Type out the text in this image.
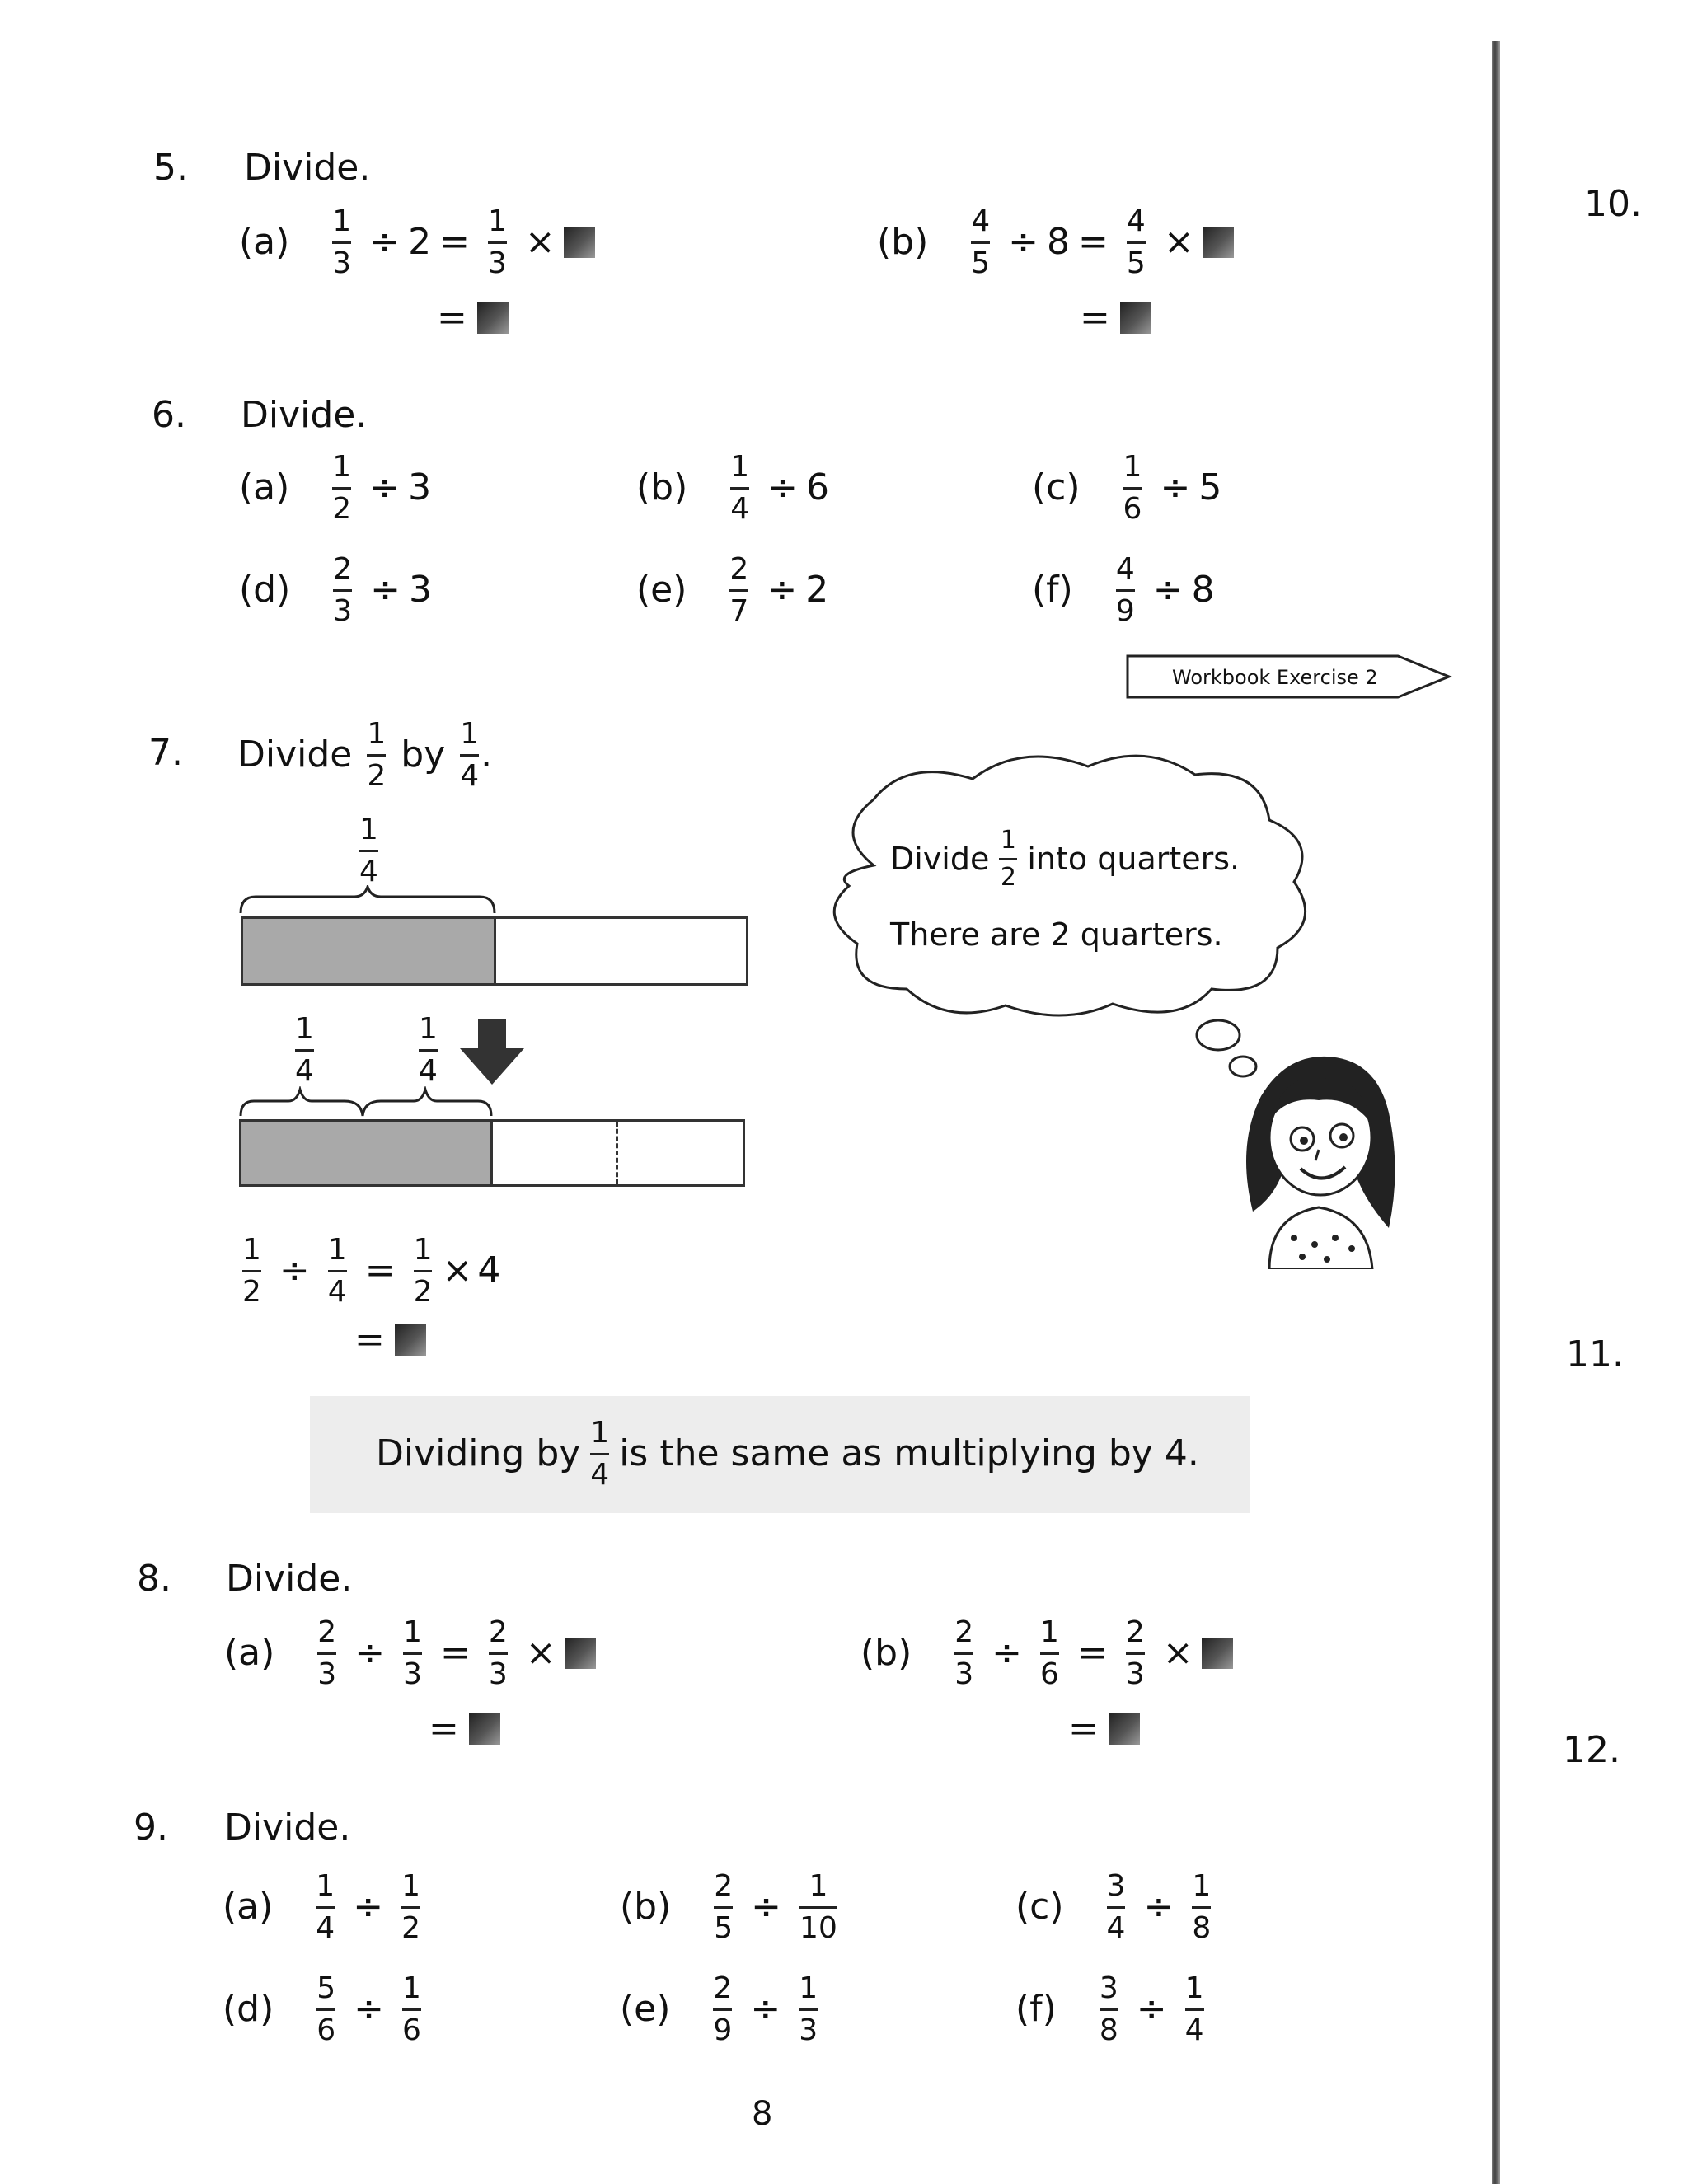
10.
11.
12.
5. Divide.
$(a) \frac{1}{3} \div 2 = \frac{1}{3}$ ×
=
$(b) \frac{4}{5} \div 8 = \frac{4}{5}$ ×
=
6. Divide.
$(a) \frac{1}{2} \div 3$	$(b) \frac{1}{4} \div 6$	$(c) \frac{1}{6} \div 5$
$(d) \frac{2}{3} \div 3$	$(e) \frac{2}{7} \div 2$	$(f) \frac{4}{9} \div 8$
Workbook Exercise 2
7. Divide $\frac{1}{2}$ by $\frac{1}{4}$ .
$\frac{1}{4}$
$\frac{1}{4}$	$\frac{1}{4}$
$\frac{1}{2} \div \frac{1}{4} = \frac{1}{2} \times 4$
=
Divide $\frac{1}{2}$ into quarters.
There are 2 quarters.
Dividing by $\frac{1}{4}$ is the same as multiplying by 4.
8. Divide.
$(a) \frac{2}{3} \div \frac{1}{3} = \frac{2}{3}$ ×
=
$(b) \frac{2}{3} \div \frac{1}{6} = \frac{2}{3}$ ×
=
9. Divide.
$(a) \frac{1}{4} \div \frac{1}{2}$	$(b) \frac{2}{5} \div \frac{1}{10}$	$(c) \frac{3}{4} \div \frac{1}{8}$
$(d) \frac{5}{6} \div \frac{1}{6}$	$(e) \frac{2}{9} \div \frac{1}{3}$	$(f) \frac{3}{8} \div \frac{1}{4}$
8
